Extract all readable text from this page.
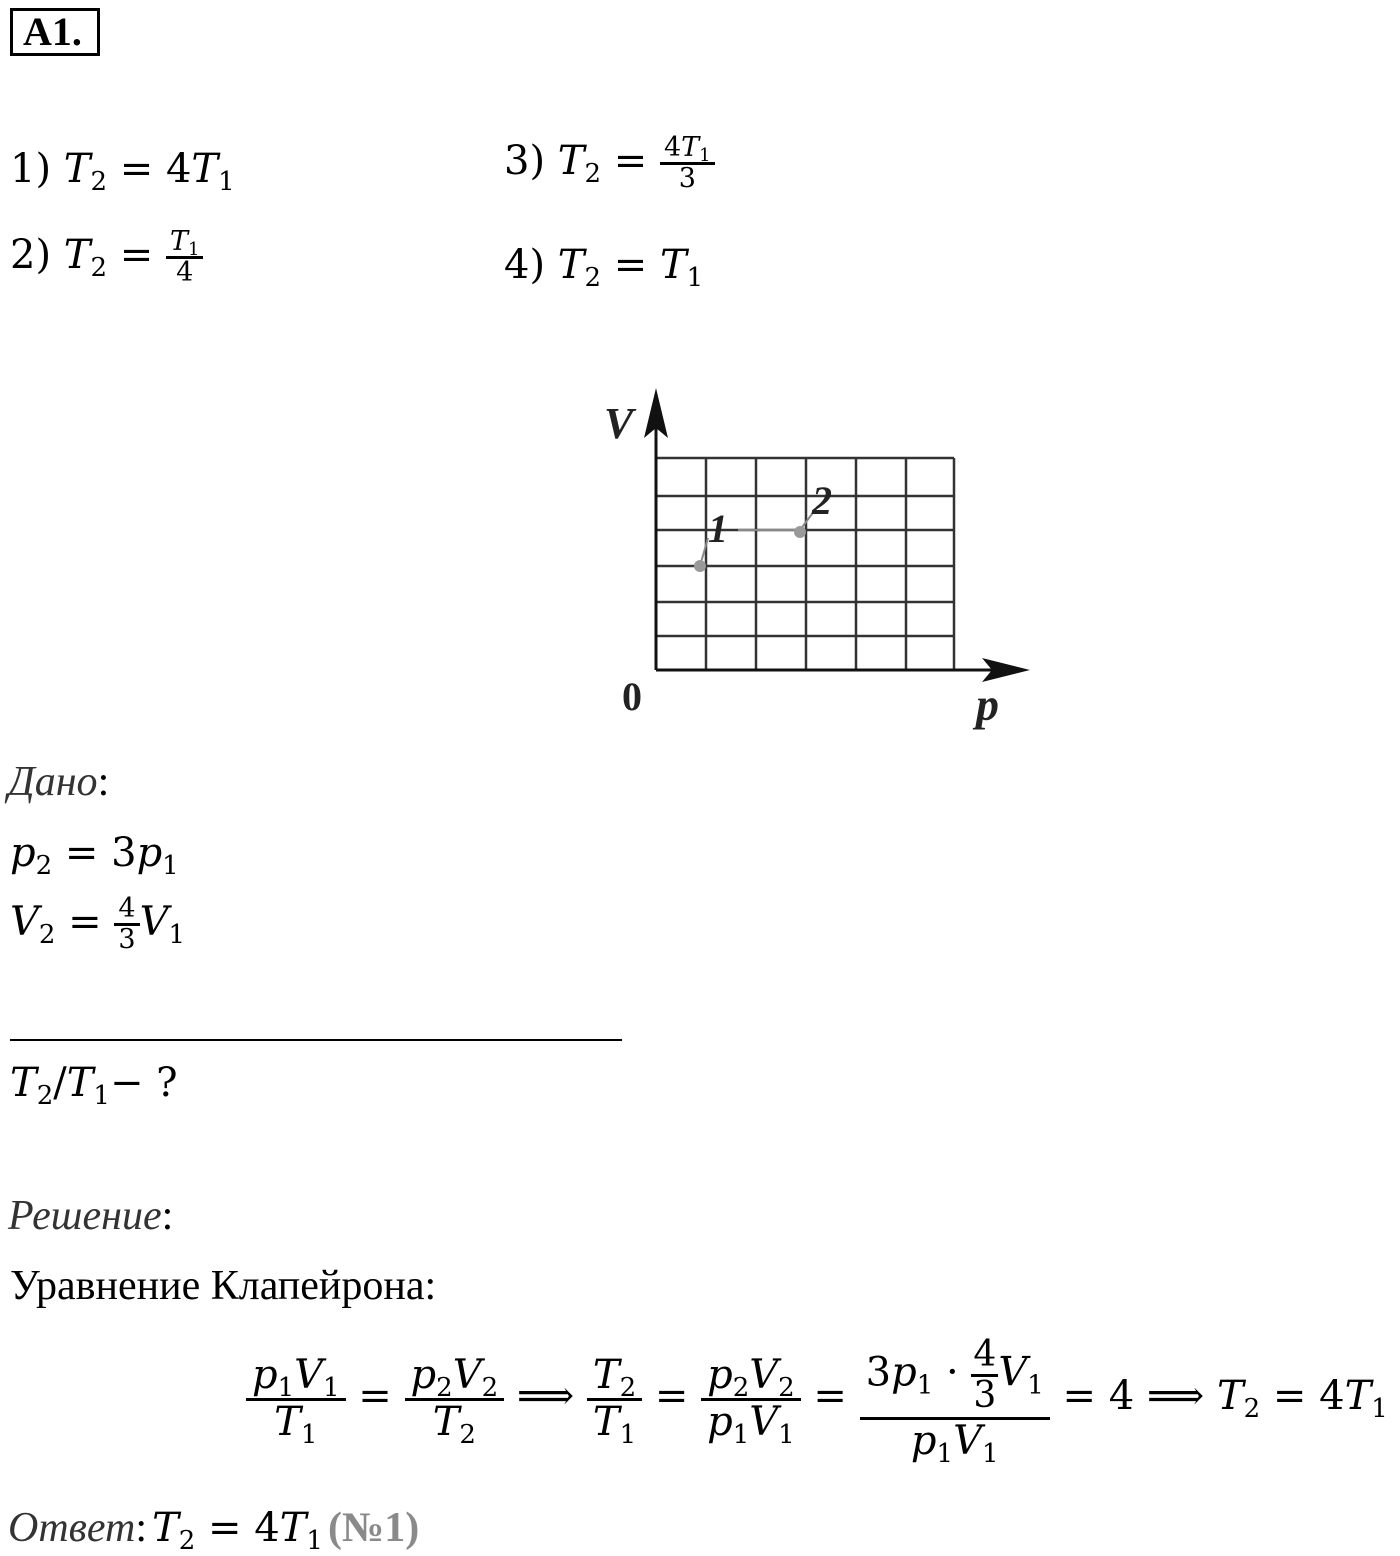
A1.
1) $T_2 = 4T_1$	3) $T_2 = \frac{4T_1}{3}$
2) $T_2 = \frac{T_1}{4}$	4) $T_2 = T_1$
1
2
V
p
0
Дано:
$p_2 = 3p_1$
$V_2 = \frac{4}{3} V_1$
$T_2/T_1-$ ?
Решение:
Уравнение Клапейрона:
$\frac{p_1V_1}{T_1} = \frac{p_2V_2}{T_2}$ ⟹ $\frac{T_2}{T_1} = \frac{p_2V_2}{p_1V_1} = \frac{3p_1 \cdot \frac{4}{3} V_1}{p_1V_1} = 4$ ⟹ $T_2 = 4T_1$
Ответ: $T_2 = 4T_1$ (№1)
